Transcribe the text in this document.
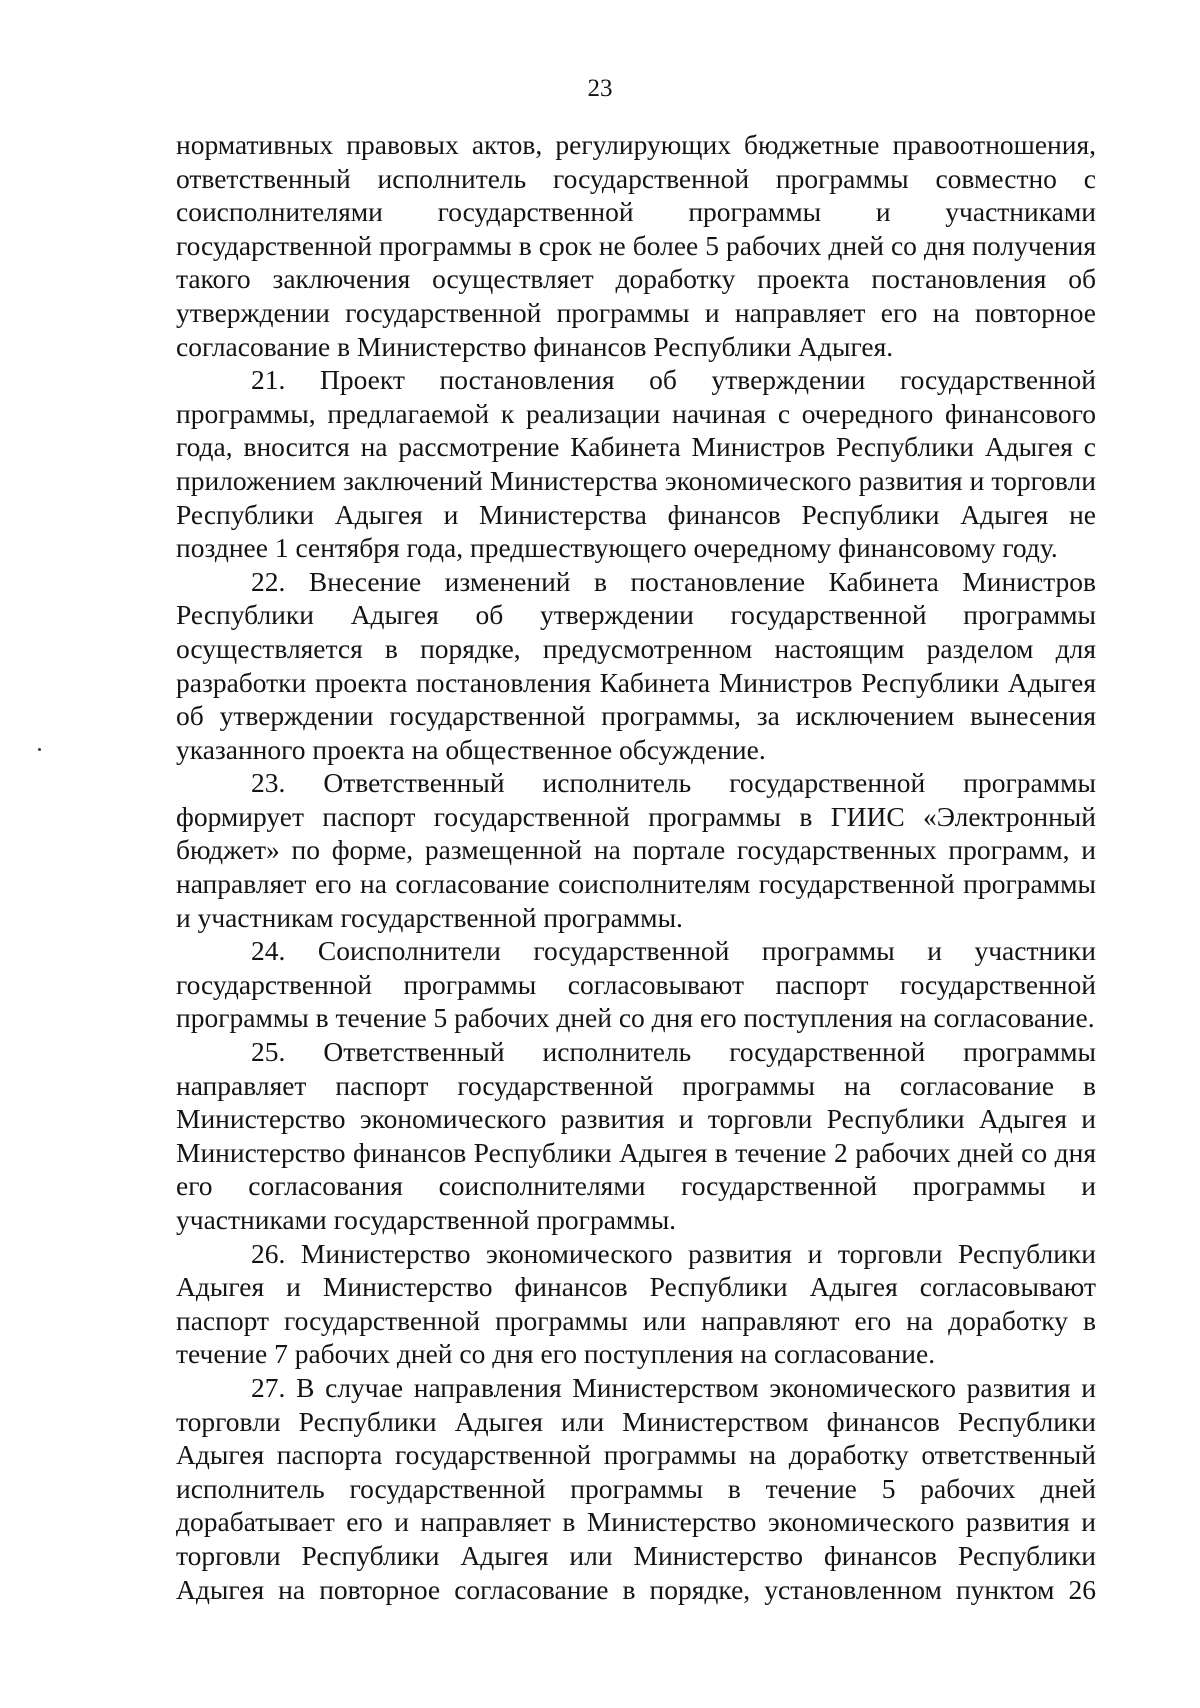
23

нормативных правовых актов, регулирующих бюджетные правоотношения, ответственный исполнитель государственной программы совместно с соисполнителями государственной программы и участниками государственной программы в срок не более 5 рабочих дней со дня получения такого заключения осуществляет доработку проекта постановления об утверждении государственной программы и направляет его на повторное согласование в Министерство финансов Республики Адыгея.

21. Проект постановления об утверждении государственной программы, предлагаемой к реализации начиная с очередного финансового года, вносится на рассмотрение Кабинета Министров Республики Адыгея с приложением заключений Министерства экономического развития и торговли Республики Адыгея и Министерства финансов Республики Адыгея не позднее 1 сентября года, предшествующего очередному финансовому году.

22. Внесение изменений в постановление Кабинета Министров Республики Адыгея об утверждении государственной программы осуществляется в порядке, предусмотренном настоящим разделом для разработки проекта постановления Кабинета Министров Республики Адыгея об утверждении государственной программы, за исключением вынесения указанного проекта на общественное обсуждение.

23. Ответственный исполнитель государственной программы формирует паспорт государственной программы в ГИИС «Электронный бюджет» по форме, размещенной на портале государственных программ, и направляет его на согласование соисполнителям государственной программы и участникам государственной программы.

24. Соисполнители государственной программы и участники государственной программы согласовывают паспорт государственной программы в течение 5 рабочих дней со дня его поступления на согласование.

25. Ответственный исполнитель государственной программы направляет паспорт государственной программы на согласование в Министерство экономического развития и торговли Республики Адыгея и Министерство финансов Республики Адыгея в течение 2 рабочих дней со дня его согласования соисполнителями государственной программы и участниками государственной программы.

26. Министерство экономического развития и торговли Республики Адыгея и Министерство финансов Республики Адыгея согласовывают паспорт государственной программы или направляют его на доработку в течение 7 рабочих дней со дня его поступления на согласование.

27. В случае направления Министерством экономического развития и торговли Республики Адыгея или Министерством финансов Республики Адыгея паспорта государственной программы на доработку ответственный исполнитель государственной программы в течение 5 рабочих дней дорабатывает его и направляет в Министерство экономического развития и торговли Республики Адыгея или Министерство финансов Республики Адыгея на повторное согласование в порядке, установленном пунктом 26
